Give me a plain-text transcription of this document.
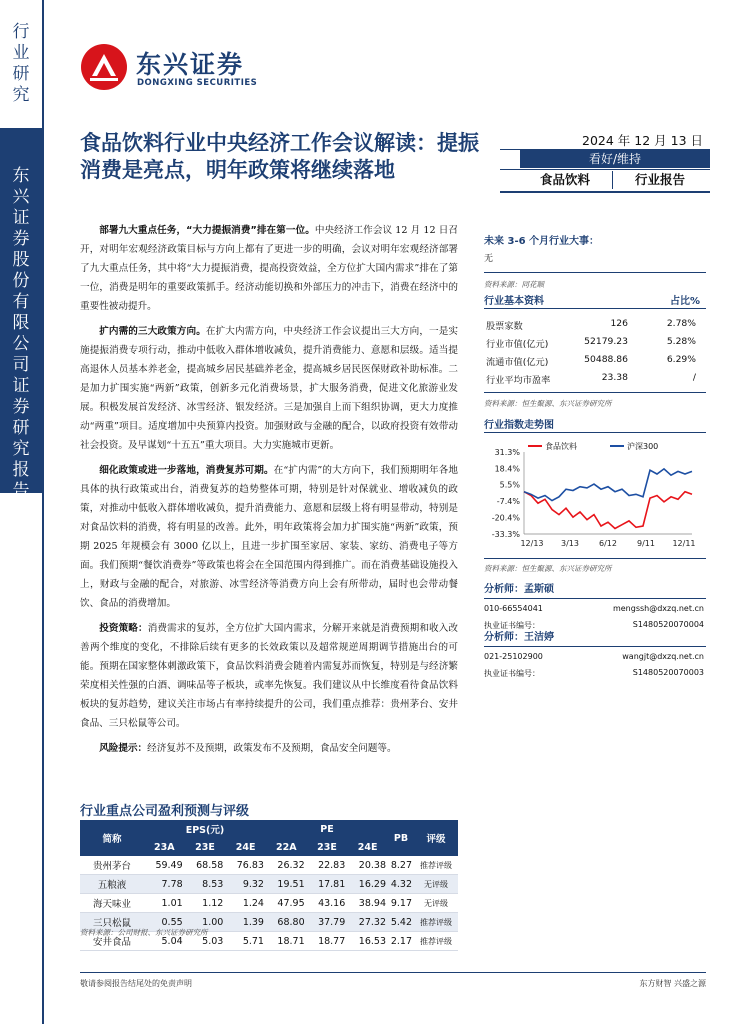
行业研究
东兴证券股份有限公司证券研究报告
东兴证券
DONGXING SECURITIES
食品饮料行业中央经济工作会议解读：提振消费是亮点，明年政策将继续落地
2024 年 12 月 13 日
看好/维持
食品饮料	行业报告

部署九大重点任务，“大力提振消费”排在第一位。中央经济工作会议 12 月 12 日召开，对明年宏观经济政策目标与方向上都有了更进一步的明确，会议对明年宏观经济部署了九大重点任务，其中将“大力提振消费，提高投资效益，全方位扩大国内需求”排在了第一位，消费是明年的重要政策抓手。经济动能切换和外部压力的冲击下，消费在经济中的重要性被动提升。

扩内需的三大政策方向。在扩大内需方向，中央经济工作会议提出三大方向，一是实施提振消费专项行动，推动中低收入群体增收减负，提升消费能力、意愿和层级。适当提高退休人员基本养老金，提高城乡居民基础养老金，提高城乡居民医保财政补助标准。二是加力扩围实施“两新”政策，创新多元化消费场景，扩大服务消费，促进文化旅游业发展。积极发展首发经济、冰雪经济、银发经济。三是加强自上而下组织协调，更大力度推动“两重”项目。适度增加中央预算内投资。加强财政与金融的配合，以政府投资有效带动社会投资。及早谋划“十五五”重大项目。大力实施城市更新。

细化政策或进一步落地，消费复苏可期。在“扩内需”的大方向下，我们预期明年各地具体的执行政策或出台，消费复苏的趋势整体可期，特别是针对保就业、增收减负的政策，对推动中低收入群体增收减负，提升消费能力、意愿和层级上将有明显带动，特别是对食品饮料的消费，将有明显的改善。此外，明年政策将会加力扩围实施“两新”政策，预期 2025 年规模会有 3000 亿以上，且进一步扩围至家居、家装、家纺、消费电子等方面。我们预期“餐饮消费券”等政策也将会在全国范围内得到推广。而在消费基础设施投入上，财政与金融的配合，对旅游、冰雪经济等消费方向上会有所带动，届时也会带动餐饮、食品的消费增加。

投资策略：消费需求的复苏，全方位扩大国内需求，分解开来就是消费预期和收入改善两个维度的变化，不排除后续有更多的长效政策以及超常规逆周期调节措施出台的可能。预期在国家整体刺激政策下，食品饮料消费会随着内需复苏而恢复，特别是与经济繁荣度相关性强的白酒、调味品等子板块，或率先恢复。我们建议从中长维度看待食品饮料板块的复苏趋势，建议关注市场占有率持续提升的公司，我们重点推荐：贵州茅台、安井食品、三只松鼠等公司。

风险提示：经济复苏不及预期，政策发布不及预期，食品安全问题等。

未来 3-6 个月行业大事：
无
资料来源：同花顺
行业基本资料	占比%
股票家数	126	2.78%
行业市值(亿元)	52179.23	5.28%
流通市值(亿元)	50488.86	6.29%
行业平均市盈率	23.38	/
资料来源：恒生聚源、东兴证券研究所
行业指数走势图
31.3%
18.4%
5.5%
-7.4%
-20.4%
-33.3%
12/13 3/13	6/12	9/11 12/11
食品饮料	沪深300
资料来源：恒生聚源、东兴证券研究所
分析师：孟斯硕
010-66554041	mengssh@dxzq.net.cn
执业证书编号：	S1480520070004
分析师：王洁婷
021-25102900	wangjt@dxzq.net.cn
执业证书编号：	S1480520070003
行业重点公司盈利预测与评级
简称	EPS(元)			PE			PB	评级
	23A	23E	24E	22A	23E	24E		
贵州茅台	59.49	68.58	76.83	26.32	22.83	20.38	8.27	推荐评级
五粮液	7.78	8.53	9.32	19.51	17.81	16.29	4.32	无评级
海天味业	1.01	1.12	1.24	47.95	43.16	38.94	9.17	无评级
三只松鼠	0.55	1.00	1.39	68.80	37.79	27.32	5.42	推荐评级
安井食品	5.04	5.03	5.71	18.71	18.77	16.53	2.17	推荐评级
资料来源：公司财报、东兴证券研究所
敬请参阅报告结尾处的免责声明	东方财智 兴盛之源
